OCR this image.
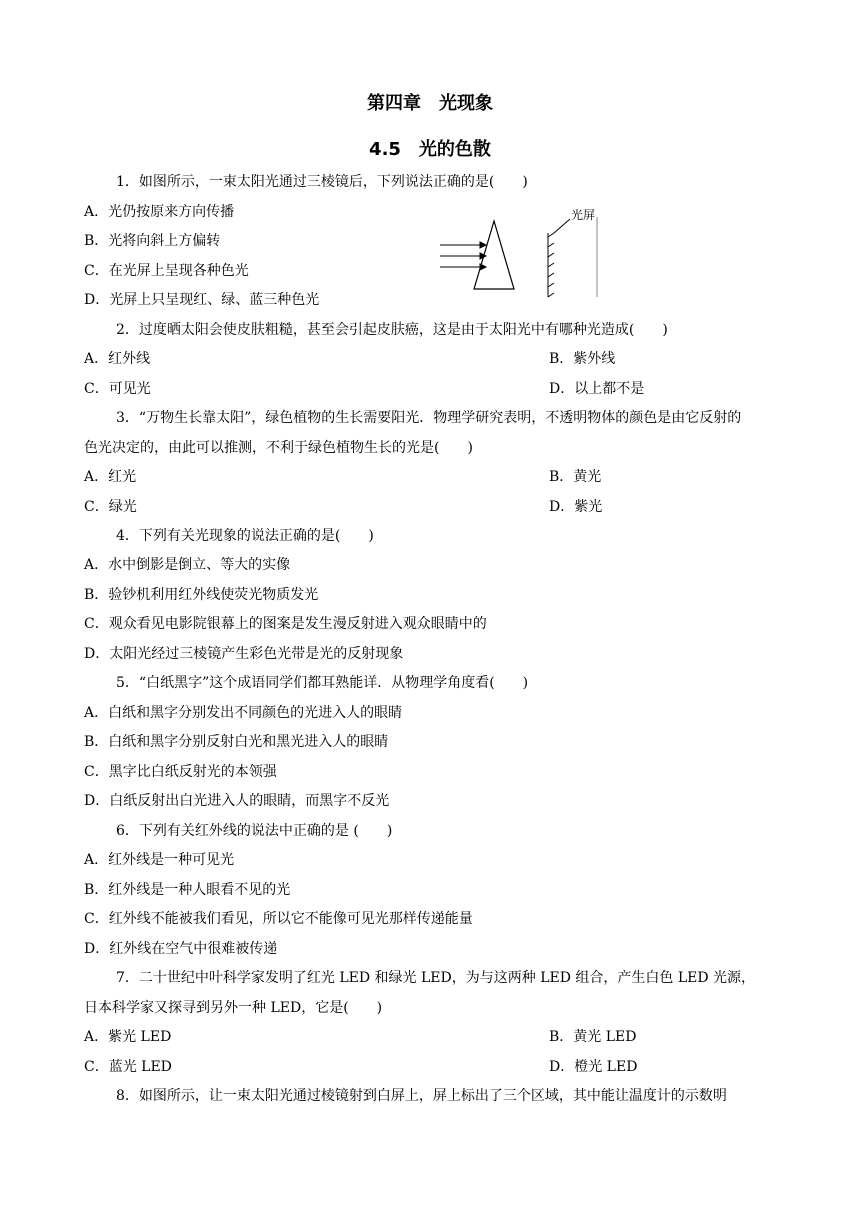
第四章　光现象
4.5　光的色散
1．如图所示，一束太阳光通过三棱镜后，下列说法正确的是(　　)
A．光仍按原来方向传播
B．光将向斜上方偏转
C．在光屏上呈现各种色光
D．光屏上只呈现红、绿、蓝三种色光
光屏
2．过度晒太阳会使皮肤粗糙，甚至会引起皮肤癌，这是由于太阳光中有哪种光造成(　　)
A．红外线	B．紫外线
C．可见光	D．以上都不是
3．“万物生长靠太阳”，绿色植物的生长需要阳光．物理学研究表明，不透明物体的颜色是由它反射的
色光决定的，由此可以推测，不利于绿色植物生长的光是(　　)
A．红光	B．黄光
C．绿光	D．紫光
4．下列有关光现象的说法正确的是(　　)
A．水中倒影是倒立、等大的实像
B．验钞机利用红外线使荧光物质发光
C．观众看见电影院银幕上的图案是发生漫反射进入观众眼睛中的
D．太阳光经过三棱镜产生彩色光带是光的反射现象
5．“白纸黑字”这个成语同学们都耳熟能详．从物理学角度看(　　)
A．白纸和黑字分别发出不同颜色的光进入人的眼睛
B．白纸和黑字分别反射白光和黑光进入人的眼睛
C．黑字比白纸反射光的本领强
D．白纸反射出白光进入人的眼睛，而黑字不反光
6．下列有关红外线的说法中正确的是 (　　)
A．红外线是一种可见光
B．红外线是一种人眼看不见的光
C．红外线不能被我们看见，所以它不能像可见光那样传递能量
D．红外线在空气中很难被传递
7．二十世纪中叶科学家发明了红光 LED 和绿光 LED，为与这两种 LED 组合，产生白色 LED 光源，
日本科学家又探寻到另外一种 LED，它是(　　)
A．紫光 LED	B．黄光 LED
C．蓝光 LED	D．橙光 LED
8．如图所示，让一束太阳光通过棱镜射到白屏上，屏上标出了三个区域，其中能让温度计的示数明
